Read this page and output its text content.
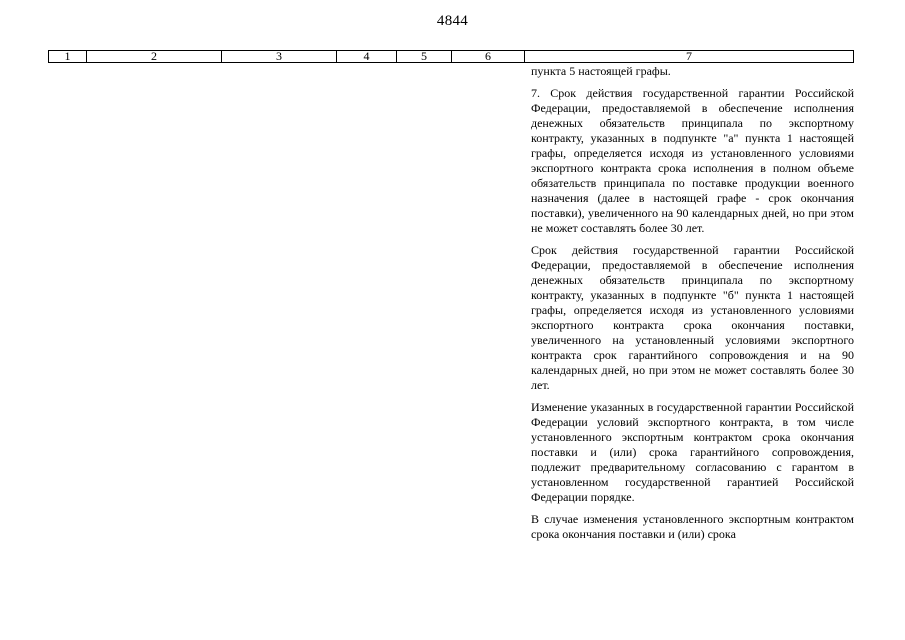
4844
1	2	3	4	5	6	7

пункта 5 настоящей графы.

7. Срок действия государственной гарантии Российской Федерации, предоставляемой в обеспечение исполнения денежных обязательств принципала по экспортному контракту, указанных в подпункте "а" пункта 1 настоящей графы, определяется исходя из установленного условиями экспортного контракта срока исполнения в полном объеме обязательств принципала по поставке продукции военного назначения (далее в настоящей графе - срок окончания поставки), увеличенного на 90 календарных дней, но при этом не может составлять более 30 лет.

Срок действия государственной гарантии Российской Федерации, предоставляемой в обеспечение исполнения денежных обязательств принципала по экспортному контракту, указанных в подпункте "б" пункта 1 настоящей графы, определяется исходя из установленного условиями экспортного контракта срока окончания поставки, увеличенного на установленный условиями экспортного контракта срок гарантийного сопровождения и на 90 календарных дней, но при этом не может составлять более 30 лет.

Изменение указанных в государственной гарантии Российской Федерации условий экспортного контракта, в том числе установленного экспортным контрактом срока окончания поставки и (или) срока гарантийного сопровождения, подлежит предварительному согласованию с гарантом в установленном государственной гарантией Российской Федерации порядке.

В случае изменения установленного экспортным контрактом срока окончания поставки и (или) срока
